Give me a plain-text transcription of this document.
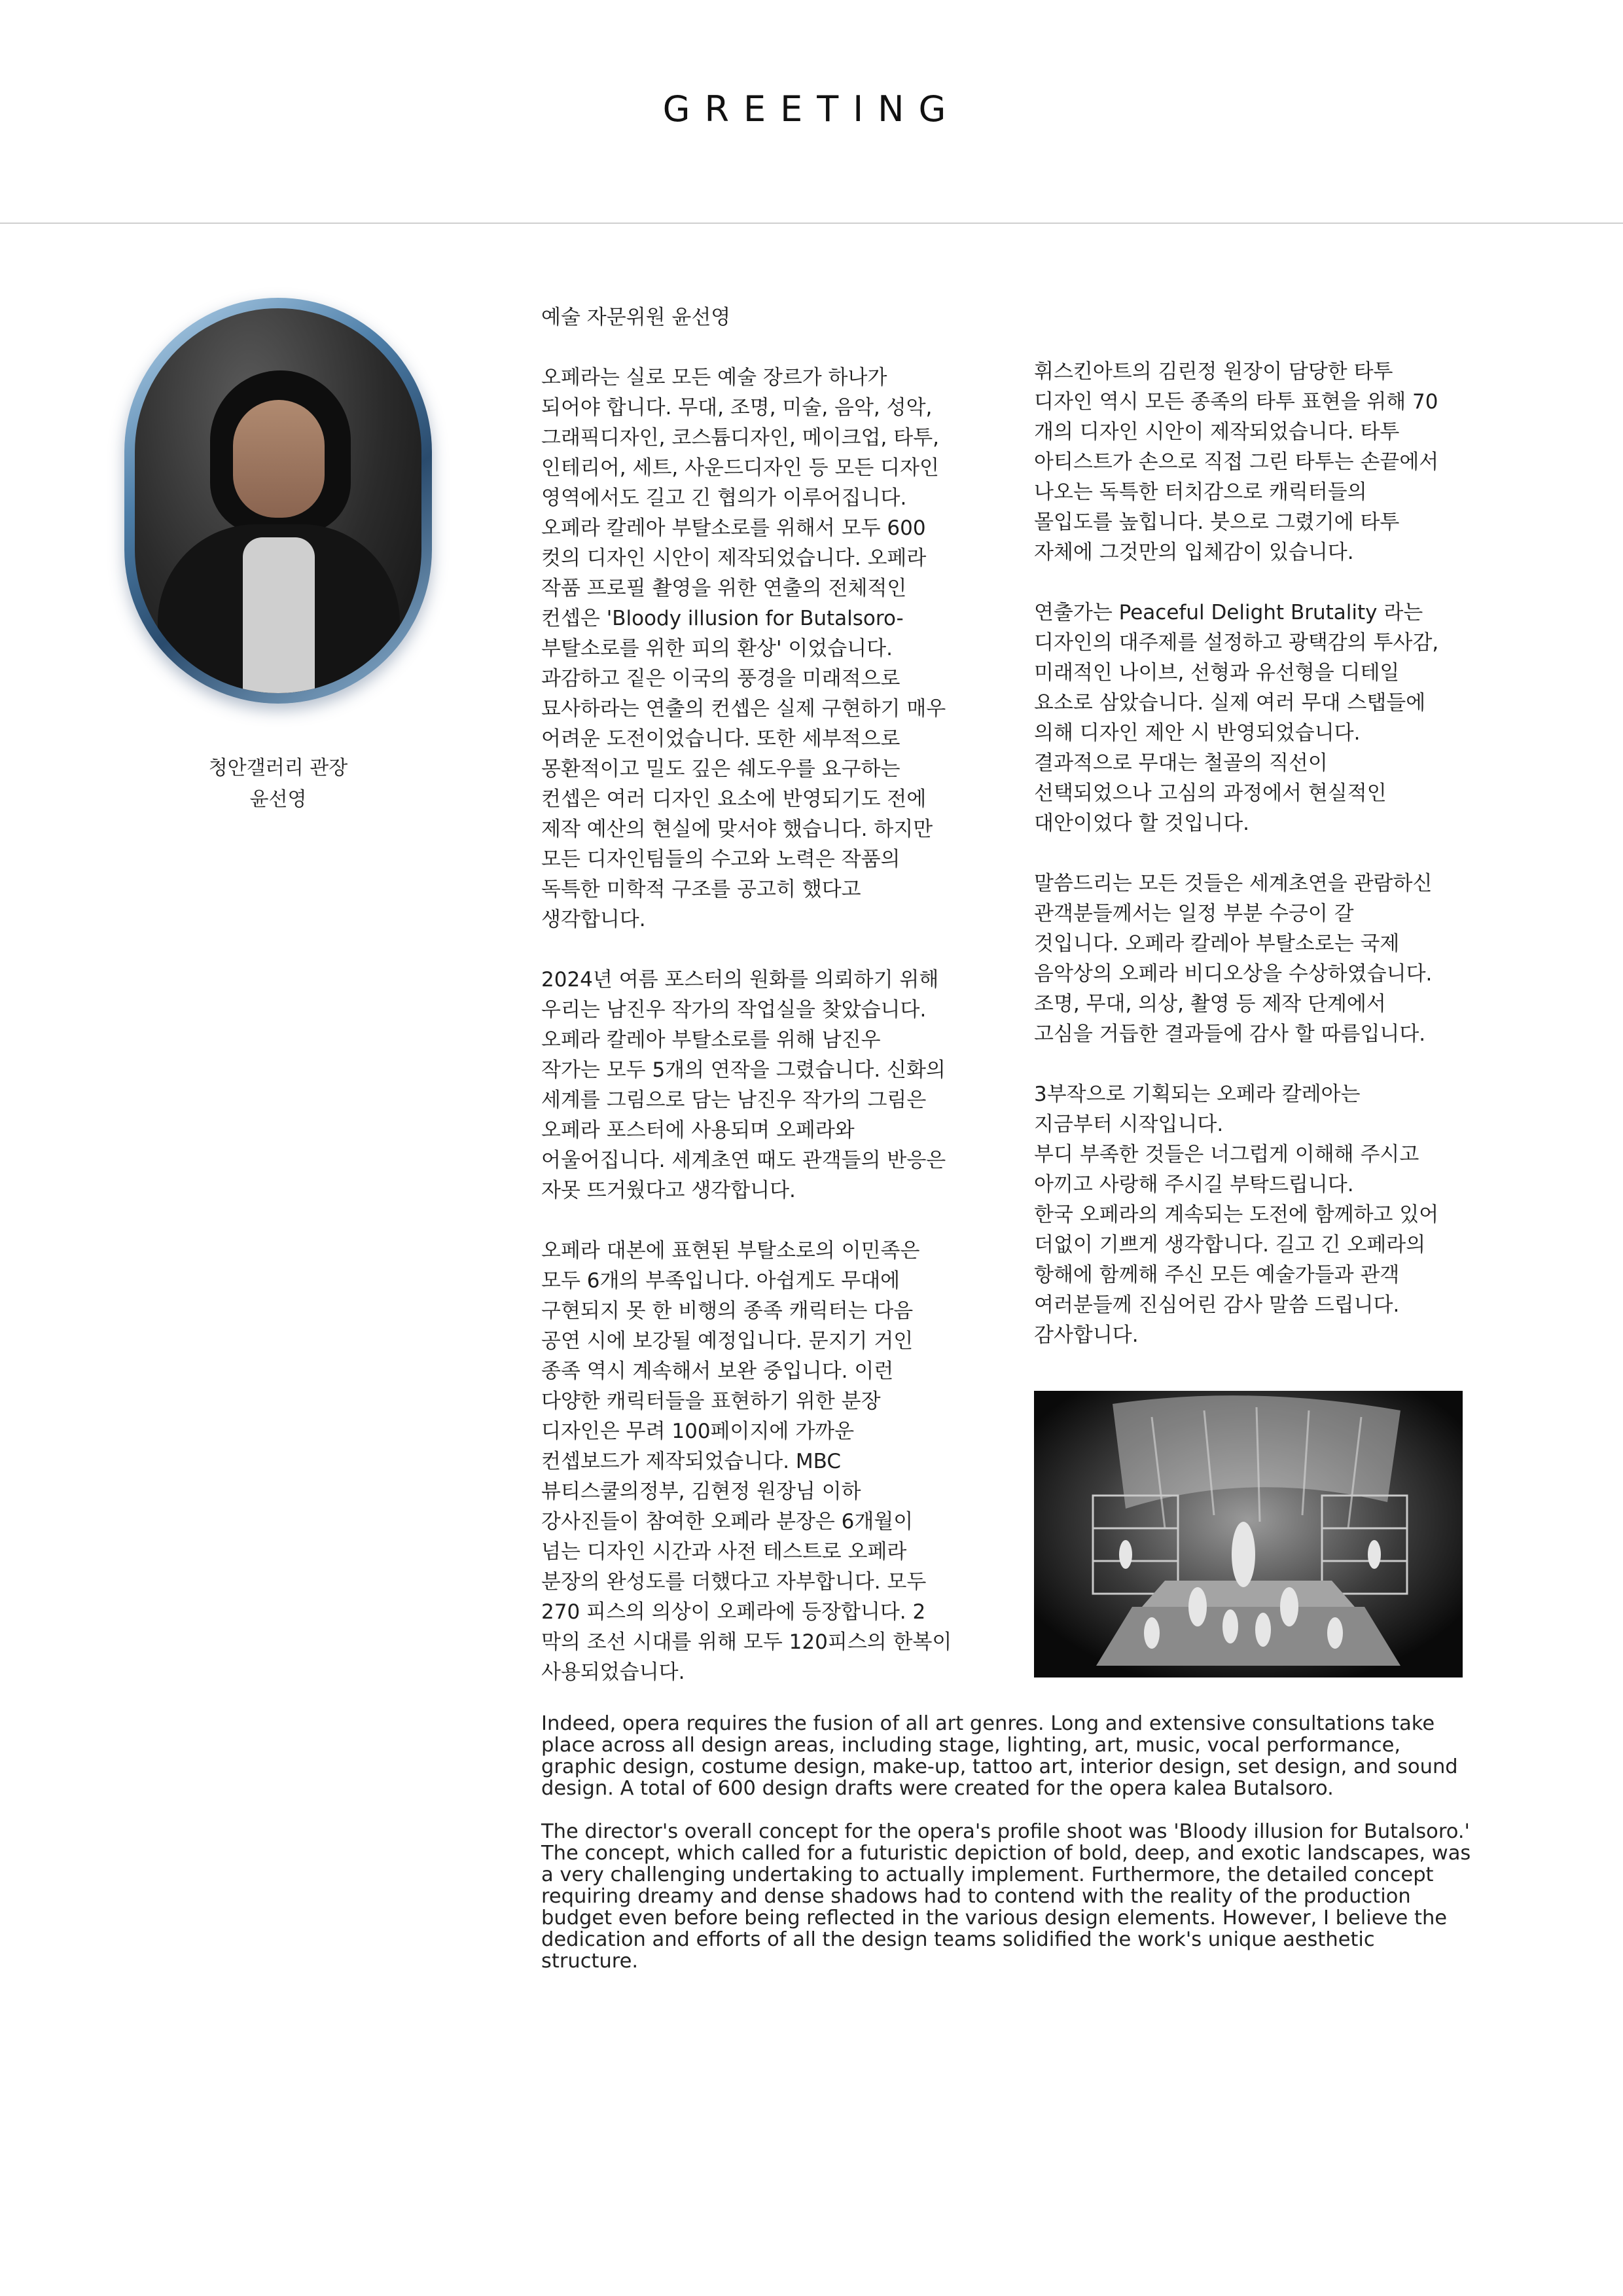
GREETING
청안갤러리 관장
윤선영

예술 자문위원 윤선영

오페라는 실로 모든 예술 장르가 하나가
되어야 합니다. 무대, 조명, 미술, 음악, 성악,
그래픽디자인, 코스튬디자인, 메이크업, 타투,
인테리어, 세트, 사운드디자인 등 모든 디자인
영역에서도 길고 긴 협의가 이루어집니다.
오페라 칼레아 부탈소로를 위해서 모두 600
컷의 디자인 시안이 제작되었습니다. 오페라
작품 프로필 촬영을 위한 연출의 전체적인
컨셉은 'Bloody illusion for Butalsoro-
부탈소로를 위한 피의 환상' 이었습니다.
과감하고 짙은 이국의 풍경을 미래적으로
묘사하라는 연출의 컨셉은 실제 구현하기 매우
어려운 도전이었습니다. 또한 세부적으로
몽환적이고 밀도 깊은 쉐도우를 요구하는
컨셉은 여러 디자인 요소에 반영되기도 전에
제작 예산의 현실에 맞서야 했습니다. 하지만
모든 디자인팀들의 수고와 노력은 작품의
독특한 미학적 구조를 공고히 했다고
생각합니다.

2024년 여름 포스터의 원화를 의뢰하기 위해
우리는 남진우 작가의 작업실을 찾았습니다.
오페라 칼레아 부탈소로를 위해 남진우
작가는 모두 5개의 연작을 그렸습니다. 신화의
세계를 그림으로 담는 남진우 작가의 그림은
오페라 포스터에 사용되며 오페라와
어울어집니다. 세계초연 때도 관객들의 반응은
자못 뜨거웠다고 생각합니다.

오페라 대본에 표현된 부탈소로의 이민족은
모두 6개의 부족입니다. 아쉽게도 무대에
구현되지 못 한 비행의 종족 캐릭터는 다음
공연 시에 보강될 예정입니다. 문지기 거인
종족 역시 계속해서 보완 중입니다. 이런
다양한 캐릭터들을 표현하기 위한 분장
디자인은 무려 100페이지에 가까운
컨셉보드가 제작되었습니다. MBC
뷰티스쿨의정부, 김현정 원장님 이하
강사진들이 참여한 오페라 분장은 6개월이
넘는 디자인 시간과 사전 테스트로 오페라
분장의 완성도를 더했다고 자부합니다. 모두
270 피스의 의상이 오페라에 등장합니다. 2
막의 조선 시대를 위해 모두 120피스의 한복이
사용되었습니다.

휘스킨아트의 김린정 원장이 담당한 타투
디자인 역시 모든 종족의 타투 표현을 위해 70
개의 디자인 시안이 제작되었습니다. 타투
아티스트가 손으로 직접 그린 타투는 손끝에서
나오는 독특한 터치감으로 캐릭터들의
몰입도를 높힙니다. 붓으로 그렸기에 타투
자체에 그것만의 입체감이 있습니다.

연출가는 Peaceful Delight Brutality 라는
디자인의 대주제를 설정하고 광택감의 투사감,
미래적인 나이브, 선형과 유선형을 디테일
요소로 삼았습니다. 실제 여러 무대 스탭들에
의해 디자인 제안 시 반영되었습니다.
결과적으로 무대는 철골의 직선이
선택되었으나 고심의 과정에서 현실적인
대안이었다 할 것입니다.

말씀드리는 모든 것들은 세계초연을 관람하신
관객분들께서는 일정 부분 수긍이 갈
것입니다. 오페라 칼레아 부탈소로는 국제
음악상의 오페라 비디오상을 수상하였습니다.
조명, 무대, 의상, 촬영 등 제작 단계에서
고심을 거듭한 결과들에 감사 할 따름입니다.

3부작으로 기획되는 오페라 칼레아는
지금부터 시작입니다.
부디 부족한 것들은 너그럽게 이해해 주시고
아끼고 사랑해 주시길 부탁드립니다.
한국 오페라의 계속되는 도전에 함께하고 있어
더없이 기쁘게 생각합니다. 길고 긴 오페라의
항해에 함께해 주신 모든 예술가들과 관객
여러분들께 진심어린 감사 말씀 드립니다.
감사합니다.

Indeed, opera requires the fusion of all art genres. Long and extensive consultations take place across all design areas, including stage, lighting, art, music, vocal performance, graphic design, costume design, make-up, tattoo art, interior design, set design, and sound design. A total of 600 design drafts were created for the opera kalea Butalsoro.

The director's overall concept for the opera's profile shoot was 'Bloody illusion for Butalsoro.' The concept, which called for a futuristic depiction of bold, deep, and exotic landscapes, was a very challenging undertaking to actually implement. Furthermore, the detailed concept requiring dreamy and dense shadows had to contend with the reality of the production budget even before being reflected in the various design elements. However, I believe the dedication and efforts of all the design teams solidified the work's unique aesthetic structure.
